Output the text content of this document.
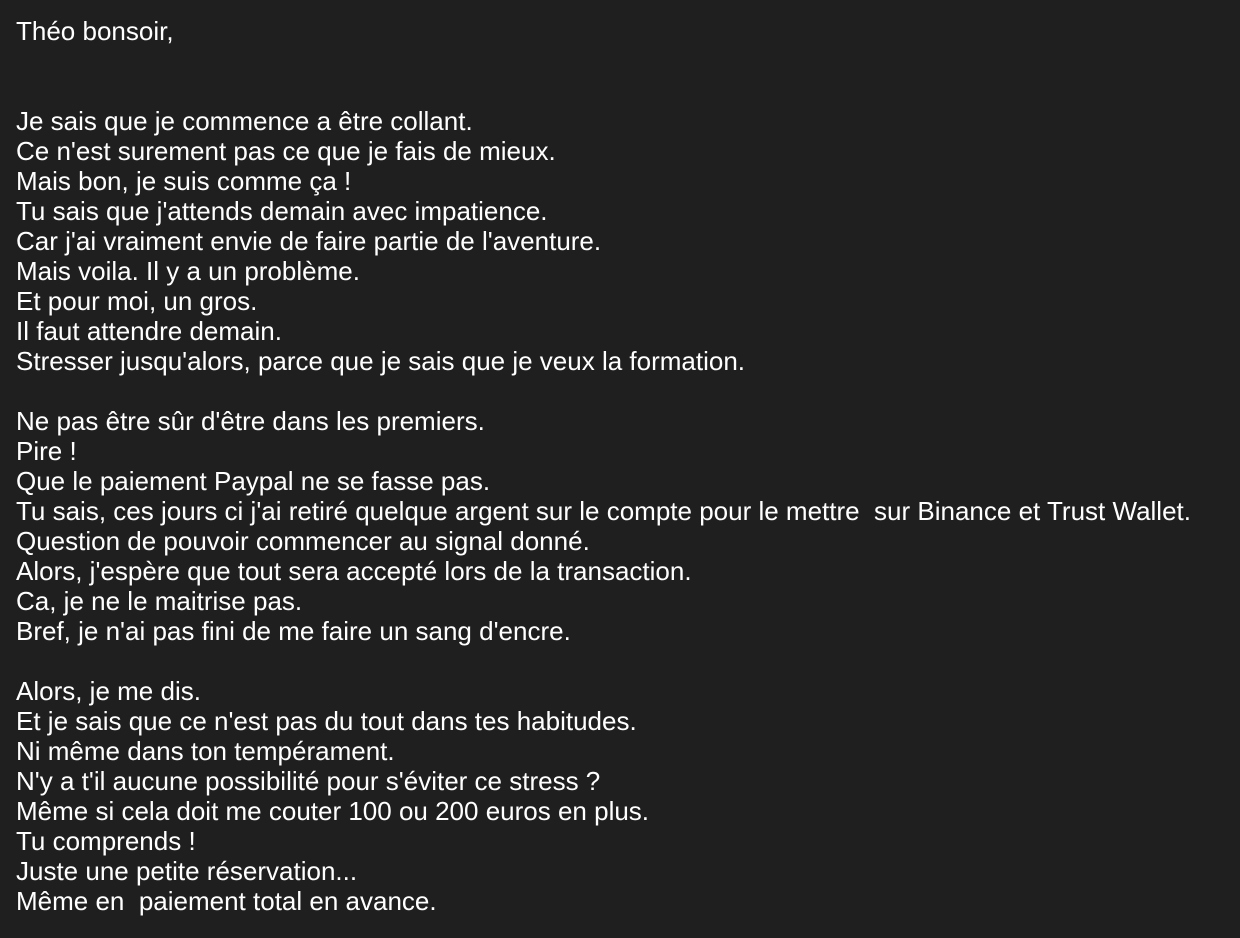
Théo bonsoir,
Je sais que je commence a être collant.
Ce n'est surement pas ce que je fais de mieux.
Mais bon, je suis comme ça !
Tu sais que j'attends demain avec impatience.
Car j'ai vraiment envie de faire partie de l'aventure.
Mais voila. Il y a un problème.
Et pour moi, un gros.
Il faut attendre demain.
Stresser jusqu'alors, parce que je sais que je veux la formation.
Ne pas être sûr d'être dans les premiers.
Pire !
Que le paiement Paypal ne se fasse pas.
Tu sais, ces jours ci j'ai retiré quelque argent sur le compte pour le mettre  sur Binance et Trust Wallet.
Question de pouvoir commencer au signal donné.
Alors, j'espère que tout sera accepté lors de la transaction.
Ca, je ne le maitrise pas.
Bref, je n'ai pas fini de me faire un sang d'encre.
Alors, je me dis.
Et je sais que ce n'est pas du tout dans tes habitudes.
Ni même dans ton tempérament.
N'y a t'il aucune possibilité pour s'éviter ce stress ?
Même si cela doit me couter 100 ou 200 euros en plus.
Tu comprends !
Juste une petite réservation...
Même en  paiement total en avance.
